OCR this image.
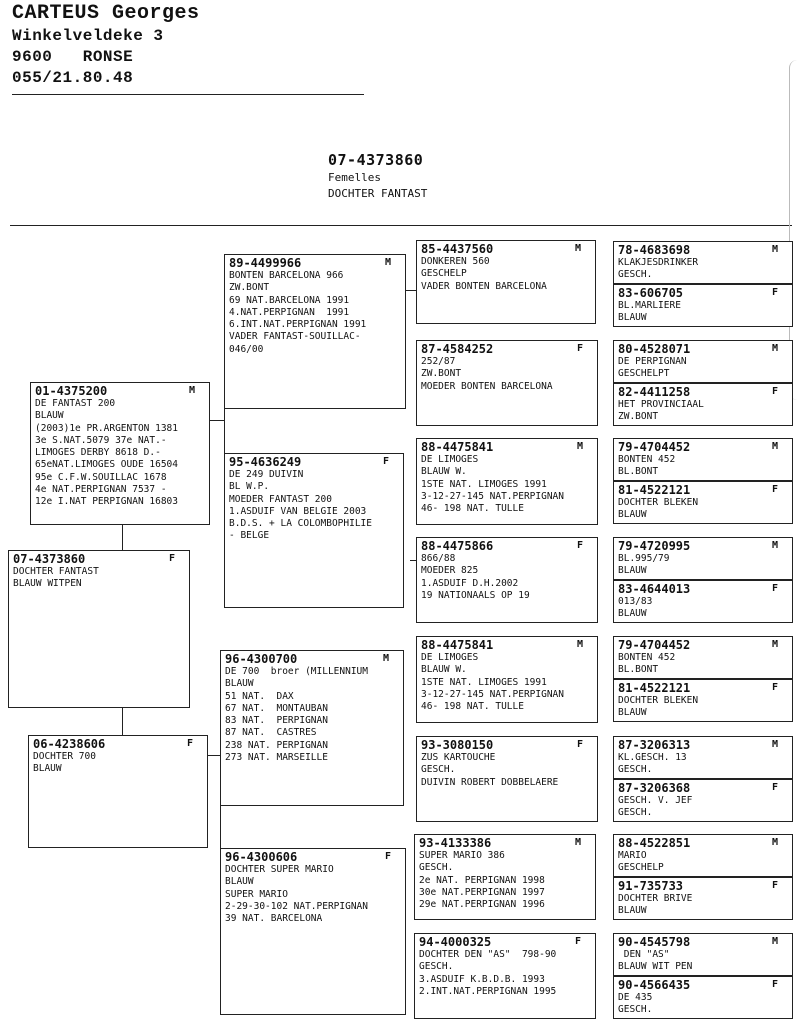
CARTEUS Georges
Winkelveldeke 3
9600 RONSE
055/21.80.48
07-4373860
Femelles
DOCHTER FANTAST
07-4373860	F
DOCHTER FANTAST
BLAUW WITPEN
01-4375200	M
DE FANTAST 200
BLAUW
(2003)1e PR.ARGENTON 1381
3e S.NAT.5079 37e NAT.-
LIMOGES DERBY 8618 D.-
65eNAT.LIMOGES OUDE 16504
95e C.F.W.SOUILLAC 1678
4e NAT.PERPIGNAN 7537 -
12e I.NAT PERPIGNAN 16803
06-4238606	F
DOCHTER 700
BLAUW
89-4499966	M
BONTEN BARCELONA 966
ZW.BONT
69 NAT.BARCELONA 1991
4.NAT.PERPIGNAN  1991
6.INT.NAT.PERPIGNAN 1991
VADER FANTAST-SOUILLAC-
046/00
95-4636249	F
DE 249 DUIVIN
BL W.P.
MOEDER FANTAST 200
1.ASDUIF VAN BELGIE 2003
B.D.S. + LA COLOMBOPHILIE
- BELGE
96-4300700	M
DE 700  broer (MILLENNIUM
BLAUW
51 NAT.  DAX
67 NAT.  MONTAUBAN
83 NAT.  PERPIGNAN
87 NAT.  CASTRES
238 NAT. PERPIGNAN
273 NAT. MARSEILLE
96-4300606	F
DOCHTER SUPER MARIO
BLAUW
SUPER MARIO
2-29-30-102 NAT.PERPIGNAN
39 NAT. BARCELONA
85-4437560	M
DONKEREN 560
GESCHELP
VADER BONTEN BARCELONA
87-4584252	F
252/87
ZW.BONT
MOEDER BONTEN BARCELONA
88-4475841	M
DE LIMOGES
BLAUW W.
1STE NAT. LIMOGES 1991
3-12-27-145 NAT.PERPIGNAN
46- 198 NAT. TULLE
88-4475866	F
866/88
MOEDER 825
1.ASDUIF D.H.2002
19 NATIONAALS OP 19
88-4475841	M
DE LIMOGES
BLAUW W.
1STE NAT. LIMOGES 1991
3-12-27-145 NAT.PERPIGNAN
46- 198 NAT. TULLE
93-3080150	F
ZUS KARTOUCHE
GESCH.
DUIVIN ROBERT DOBBELAERE
93-4133386	M
SUPER MARIO 386
GESCH.
2e NAT. PERPIGNAN 1998
30e NAT.PERPIGNAN 1997
29e NAT.PERPIGNAN 1996
94-4000325	F
DOCHTER DEN "AS"  798-90
GESCH.
3.ASDUIF K.B.D.B. 1993
2.INT.NAT.PERPIGNAN 1995
78-4683698	M
KLAKJESDRINKER
GESCH.
83-606705	F
BL.MARLIERE
BLAUW
80-4528071	M
DE PERPIGNAN
GESCHELPT
82-4411258	F
HET PROVINCIAAL
ZW.BONT
79-4704452	M
BONTEN 452
BL.BONT
81-4522121	F
DOCHTER BLEKEN
BLAUW
79-4720995	M
BL.995/79
BLAUW
83-4644013	F
013/83
BLAUW
79-4704452	M
BONTEN 452
BL.BONT
81-4522121	F
DOCHTER BLEKEN
BLAUW
87-3206313	M
KL.GESCH. 13
GESCH.
87-3206368	F
GESCH. V. JEF
GESCH.
88-4522851	M
MARIO
GESCHELP
91-735733	F
DOCHTER BRIVE
BLAUW
90-4545798	M
DEN "AS"
BLAUW WIT PEN
90-4566435	F
DE 435
GESCH.
